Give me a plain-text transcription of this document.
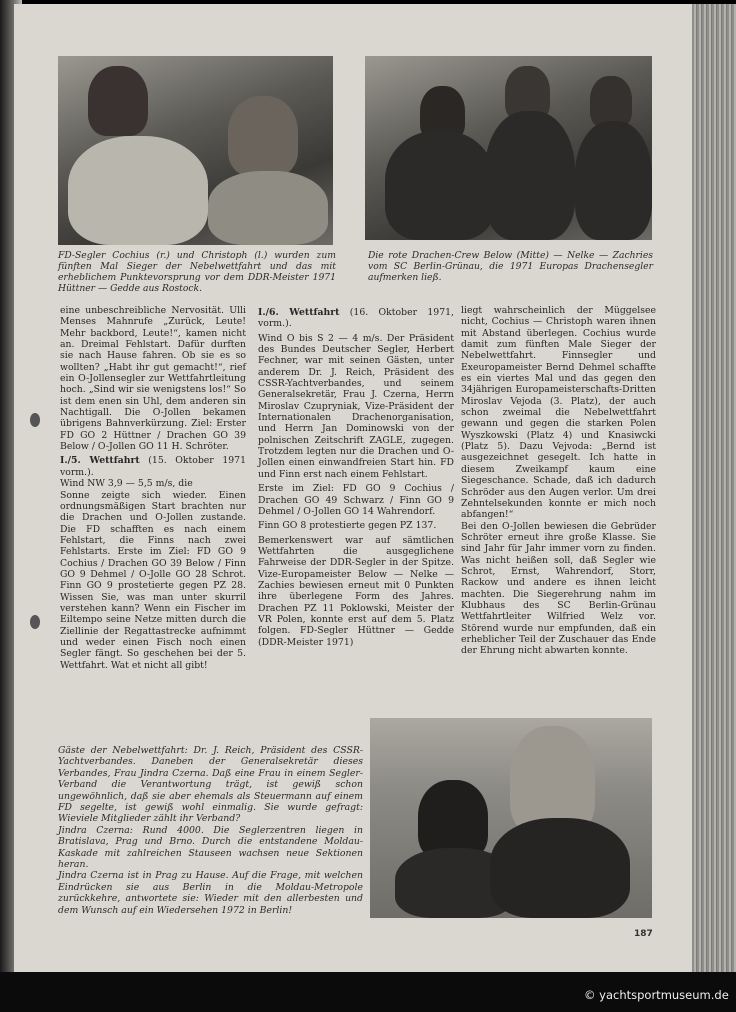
FD-Segler Cochius (r.) und Christoph (l.) wurden zum fünften Mal Sieger der Nebelwettfahrt und das mit erheblichem Punktevorsprung vor dem DDR-Meister 1971 Hüttner — Gedde aus Rostock.
Die rote Drachen-Crew Below (Mitte) — Nelke — Zachries vom SC Berlin-Grünau, die 1971 Europas Drachensegler aufmerken ließ.

eine unbeschreibliche Nervosität. Ulli Menses Mahnrufe „Zurück, Leute! Mehr backbord, Leute!“, kamen nicht an. Dreimal Fehlstart. Dafür durften sie nach Hause fahren. Ob sie es so wollten? „Habt ihr gut gemacht!“, rief ein O-Jollensegler zur Wettfahrtleitung hoch. „Sind wir sie wenigstens los!“ So ist dem enen sin Uhl, dem anderen sin Nachtigall. Die O-Jollen bekamen übrigens Bahnverkürzung. Ziel: Erster FD GO 2 Hüttner / Drachen GO 39 Below / O-Jollen GO 11 H. Schröter.

I./5. Wettfahrt (15. Oktober 1971 vorm.).

Wind NW 3,9 — 5,5 m/s, die

Sonne zeigte sich wieder. Einen ordnungsmäßigen Start brachten nur die Drachen und O-Jollen zustande. Die FD schafften es nach einem Fehlstart, die Finns nach zwei Fehlstarts. Erste im Ziel: FD GO 9 Cochius / Drachen GO 39 Below / Finn GO 9 Dehmel / O-Jolle GO 28 Schrot. Finn GO 9 prostetierte gegen PZ 28. Wissen Sie, was man unter skurril verstehen kann? Wenn ein Fischer im Eiltempo seine Netze mitten durch die Ziellinie der Regattastrecke aufnimmt und weder einen Fisch noch einen Segler fängt. So geschehen bei der 5. Wettfahrt. Wat et nicht all gibt!

I./6. Wettfahrt (16. Oktober 1971, vorm.).

Wind O bis S 2 — 4 m/s. Der Präsident des Bundes Deutscher Segler, Herbert Fechner, war mit seinen Gästen, unter anderem Dr. J. Reich, Präsident des CSSR-Yachtverbandes, und seinem Generalsekretär, Frau J. Czerna, Herrn Miroslav Czupryniak, Vize-Präsident der Internationalen Drachenorganisation, und Herrn Jan Dominowski von der polnischen Zeitschrift ZAGLE, zugegen. Trotzdem legten nur die Drachen und O-Jollen einen einwandfreien Start hin. FD und Finn erst nach einem Fehlstart.

Erste im Ziel: FD GO 9 Cochius / Drachen GO 49 Schwarz / Finn GO 9 Dehmel / O-Jollen GO 14 Wahrendorf.

Finn GO 8 protestierte gegen PZ 137.

Bemerkenswert war auf sämtlichen Wettfahrten die ausgeglichene Fahrweise der DDR-Segler in der Spitze. Vize-Europameister Below — Nelke — Zachies bewiesen erneut mit 0 Punkten ihre überlegene Form des Jahres. Drachen PZ 11 Poklowski, Meister der VR Polen, konnte erst auf dem 5. Platz folgen. FD-Segler Hüttner — Gedde (DDR-Meister 1971)

liegt wahrscheinlich der Müggelsee nicht, Cochius — Christoph waren ihnen mit Abstand überlegen. Cochius wurde damit zum fünften Male Sieger der Nebelwettfahrt. Finnsegler und Exeuropameister Bernd Dehmel schaffte es ein viertes Mal und das gegen den 34jährigen Europameisterschafts-Dritten Miroslav Vejoda (3. Platz), der auch schon zweimal die Nebelwettfahrt gewann und gegen die starken Polen Wyszkowski (Platz 4) und Knasiwcki (Platz 5). Dazu Vejvoda: „Bernd ist ausgezeichnet gesegelt. Ich hatte in diesem Zweikampf kaum eine Siegeschance. Schade, daß ich dadurch Schröder aus den Augen verlor. Um drei Zehntelsekunden konnte er mich noch abfangen!“

Bei den O-Jollen bewiesen die Gebrüder Schröter erneut ihre große Klasse. Sie sind Jahr für Jahr immer vorn zu finden. Was nicht heißen soll, daß Segler wie Schrot, Ernst, Wahrendorf, Storr, Rackow und andere es ihnen leicht machten. Die Siegerehrung nahm im Klubhaus des SC Berlin-Grünau Wettfahrtleiter Wilfried Welz vor. Störend wurde nur empfunden, daß ein erheblicher Teil der Zuschauer das Ende der Ehrung nicht abwarten konnte.

Gäste der Nebelwettfahrt: Dr. J. Reich, Präsident des CSSR-Yachtverbandes. Daneben der Generalsekretär dieses Verbandes, Frau Jindra Czerna. Daß eine Frau in einem Segler-Verband die Verantwortung trägt, ist gewiß schon ungewöhnlich, daß sie aber ehemals als Steuermann auf einem FD segelte, ist gewiß wohl einmalig. Sie wurde gefragt: Wieviele Mitglieder zählt ihr Verband?
Jindra Czerna: Rund 4000. Die Seglerzentren liegen in Bratislava, Prag und Brno. Durch die entstandene Moldau-Kaskade mit zahlreichen Stauseen wachsen neue Sektionen heran.
Jindra Czerna ist in Prag zu Hause. Auf die Frage, mit welchen Eindrücken sie aus Berlin in die Moldau-Metropole zurückkehre, antwortete sie: Wieder mit den allerbesten und dem Wunsch auf ein Wiedersehen 1972 in Berlin!
187
© yachtsportmuseum.de
